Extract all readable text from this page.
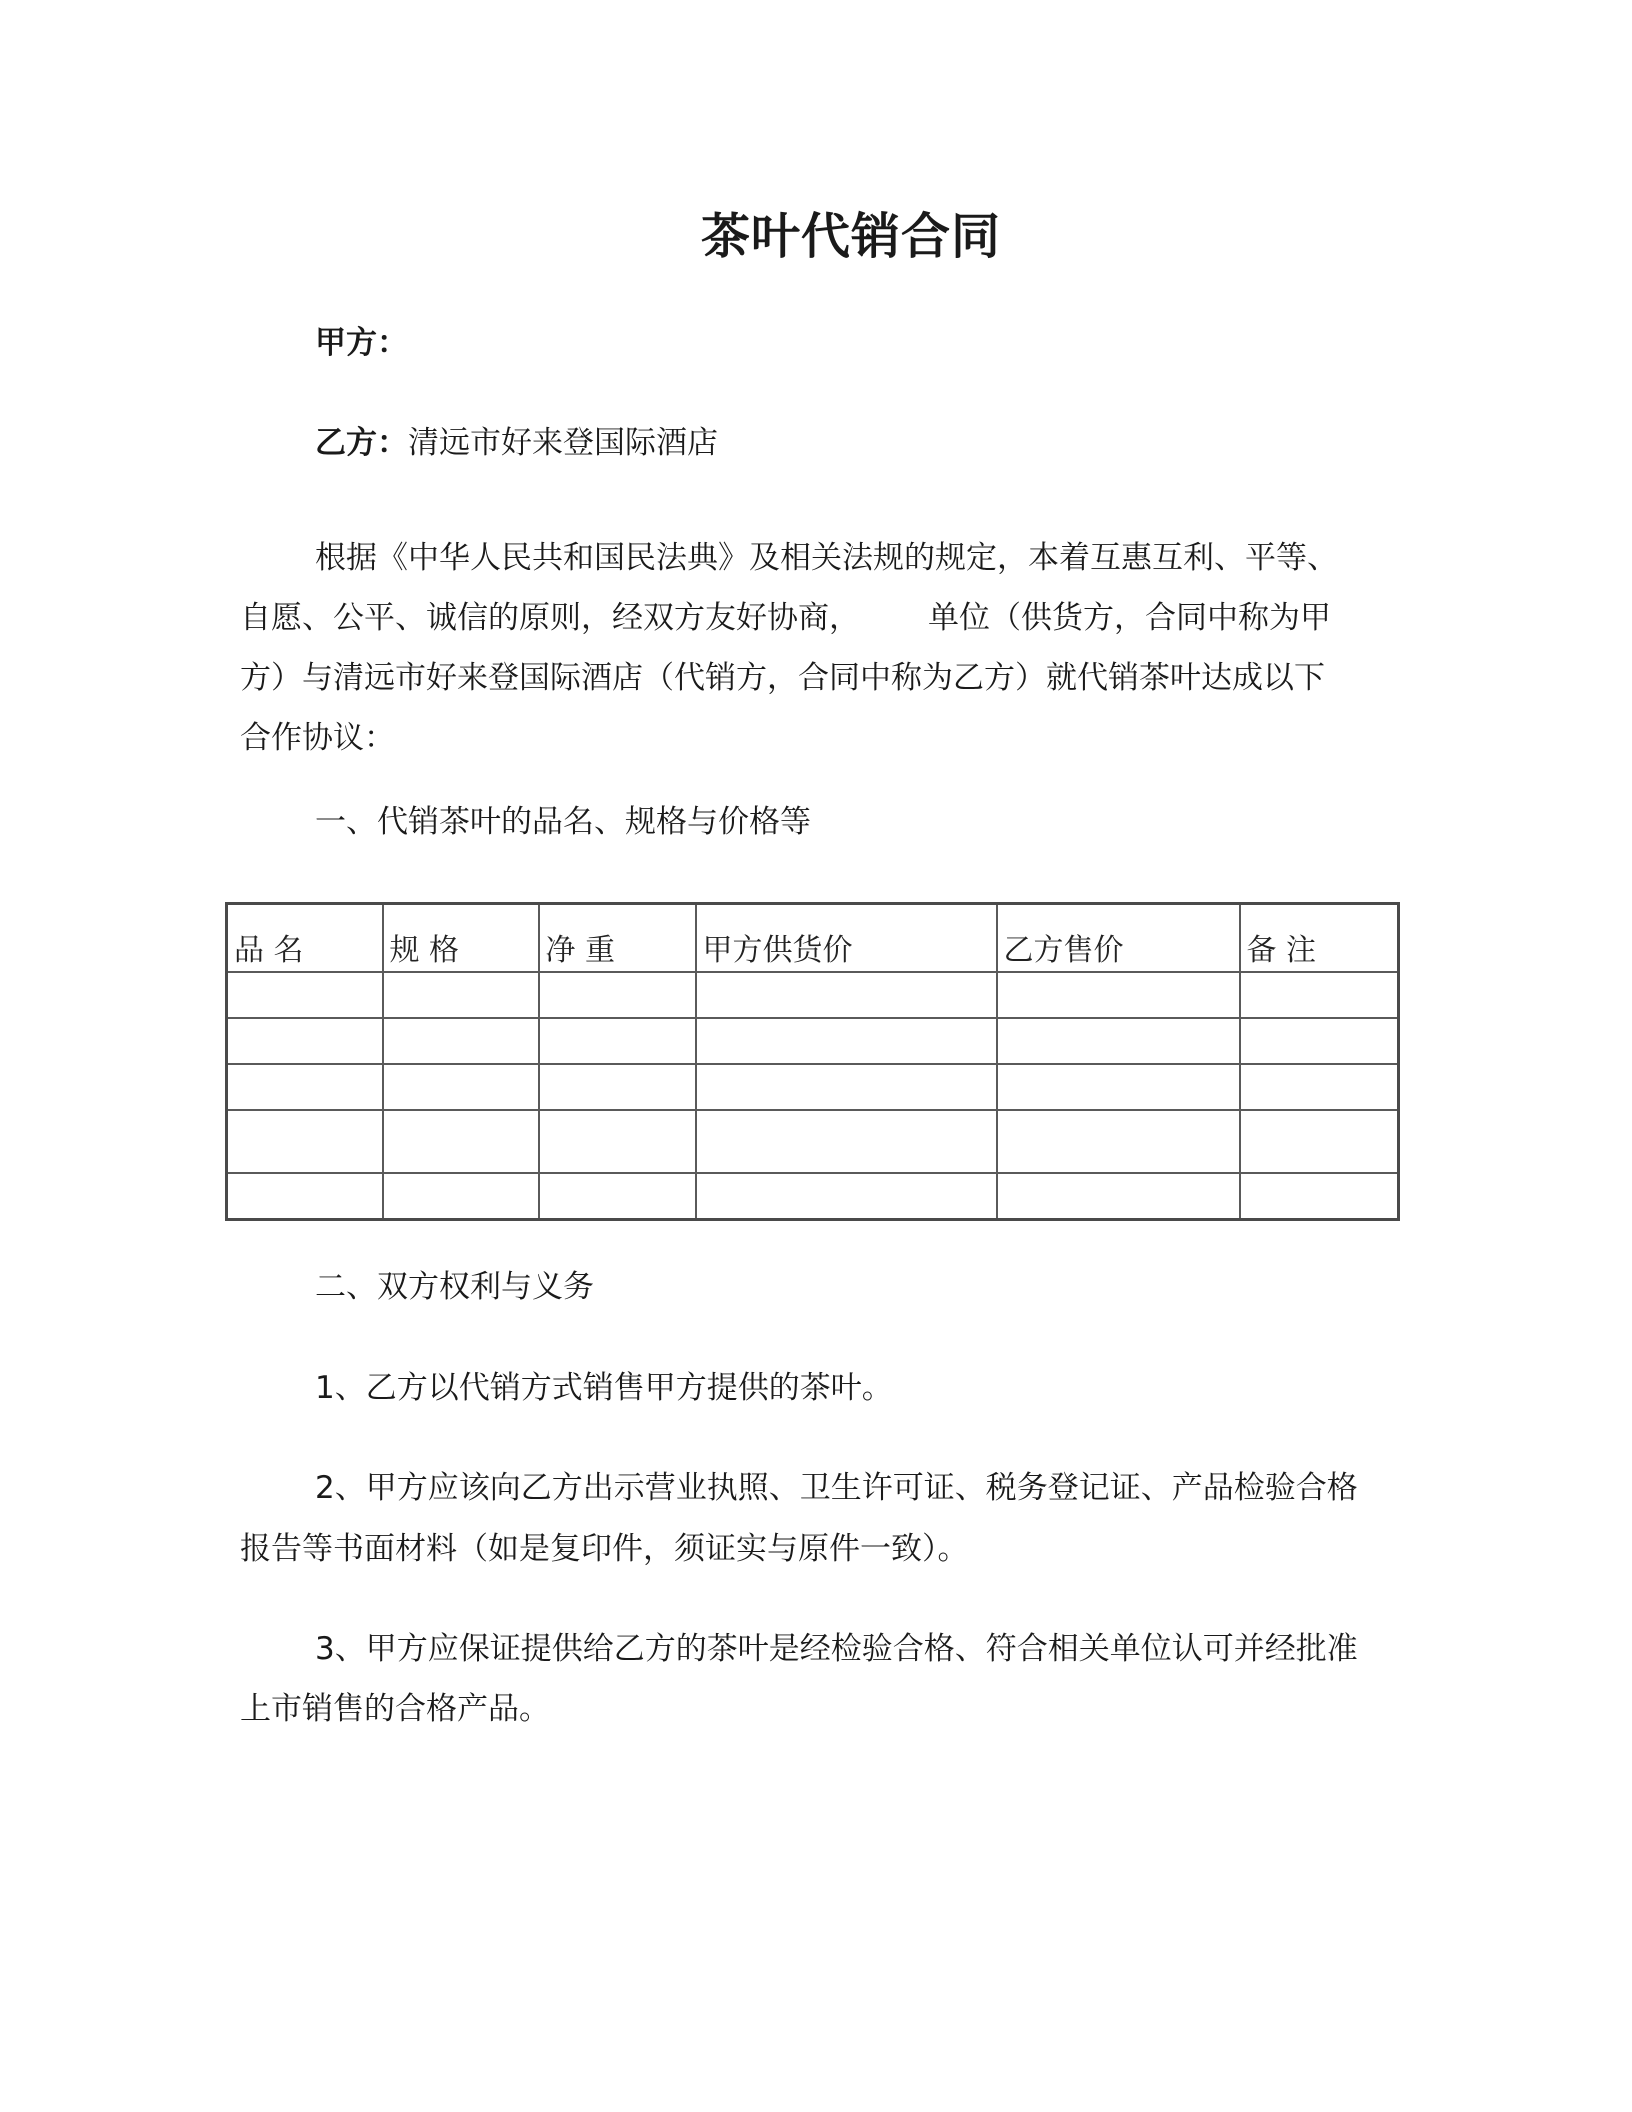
茶叶代销合同

甲方：

乙方：清远市好来登国际酒店

根据《中华人民共和国民法典》及相关法规的规定，本着互惠互利、平等、
自愿、公平、诚信的原则，经双方友好协商， 单位（供货方，合同中称为甲
方）与清远市好来登国际酒店（代销方，合同中称为乙方）就代销茶叶达成以下
合作协议：

一、代销茶叶的品名、规格与价格等

品 名	规 格	净 重	甲方供货价	乙方售价	备 注

二、双方权利与义务

1、乙方以代销方式销售甲方提供的茶叶。

2、甲方应该向乙方出示营业执照、卫生许可证、税务登记证、产品检验合格

报告等书面材料（如是复印件，须证实与原件一致）。

3、甲方应保证提供给乙方的茶叶是经检验合格、符合相关单位认可并经批准

上市销售的合格产品。
